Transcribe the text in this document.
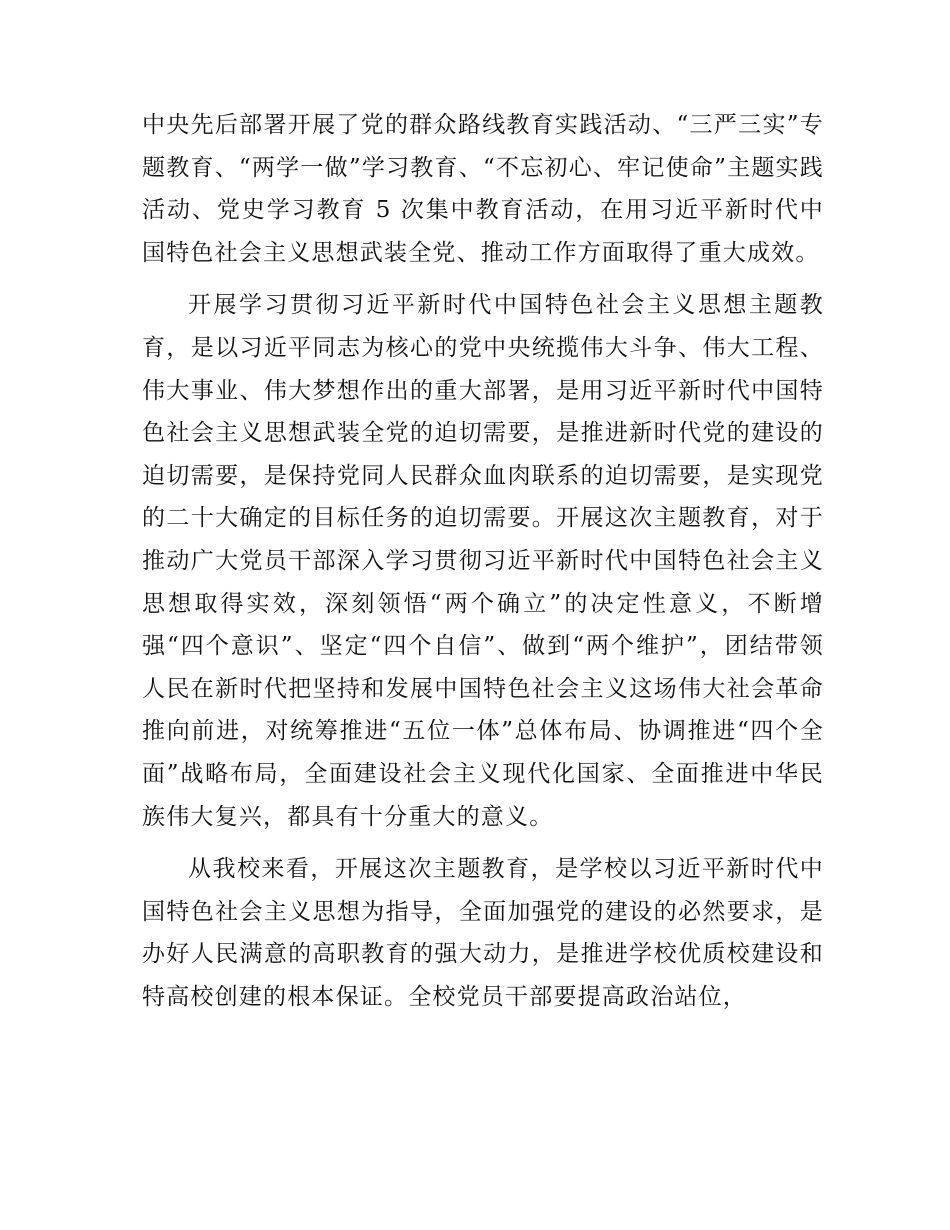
中央先后部署开展了党的群众路线教育实践活动、“三严三实”专题教育、“两学一做”学习教育、“不忘初心、牢记使命”主题实践活动、党史学习教育 5 次集中教育活动，在用习近平新时代中国特色社会主义思想武装全党、推动工作方面取得了重大成效。

开展学习贯彻习近平新时代中国特色社会主义思想主题教育，是以习近平同志为核心的党中央统揽伟大斗争、伟大工程、伟大事业、伟大梦想作出的重大部署，是用习近平新时代中国特色社会主义思想武装全党的迫切需要，是推进新时代党的建设的迫切需要，是保持党同人民群众血肉联系的迫切需要，是实现党的二十大确定的目标任务的迫切需要。开展这次主题教育，对于推动广大党员干部深入学习贯彻习近平新时代中国特色社会主义思想取得实效，深刻领悟“两个确立”的决定性意义，不断增强“四个意识”、坚定“四个自信”、做到“两个维护”，团结带领人民在新时代把坚持和发展中国特色社会主义这场伟大社会革命推向前进，对统筹推进“五位一体”总体布局、协调推进“四个全面”战略布局，全面建设社会主义现代化国家、全面推进中华民族伟大复兴，都具有十分重大的意义。

从我校来看，开展这次主题教育，是学校以习近平新时代中国特色社会主义思想为指导，全面加强党的建设的必然要求，是办好人民满意的高职教育的强大动力，是推进学校优质校建设和特高校创建的根本保证。全校党员干部要提高政治站位，
